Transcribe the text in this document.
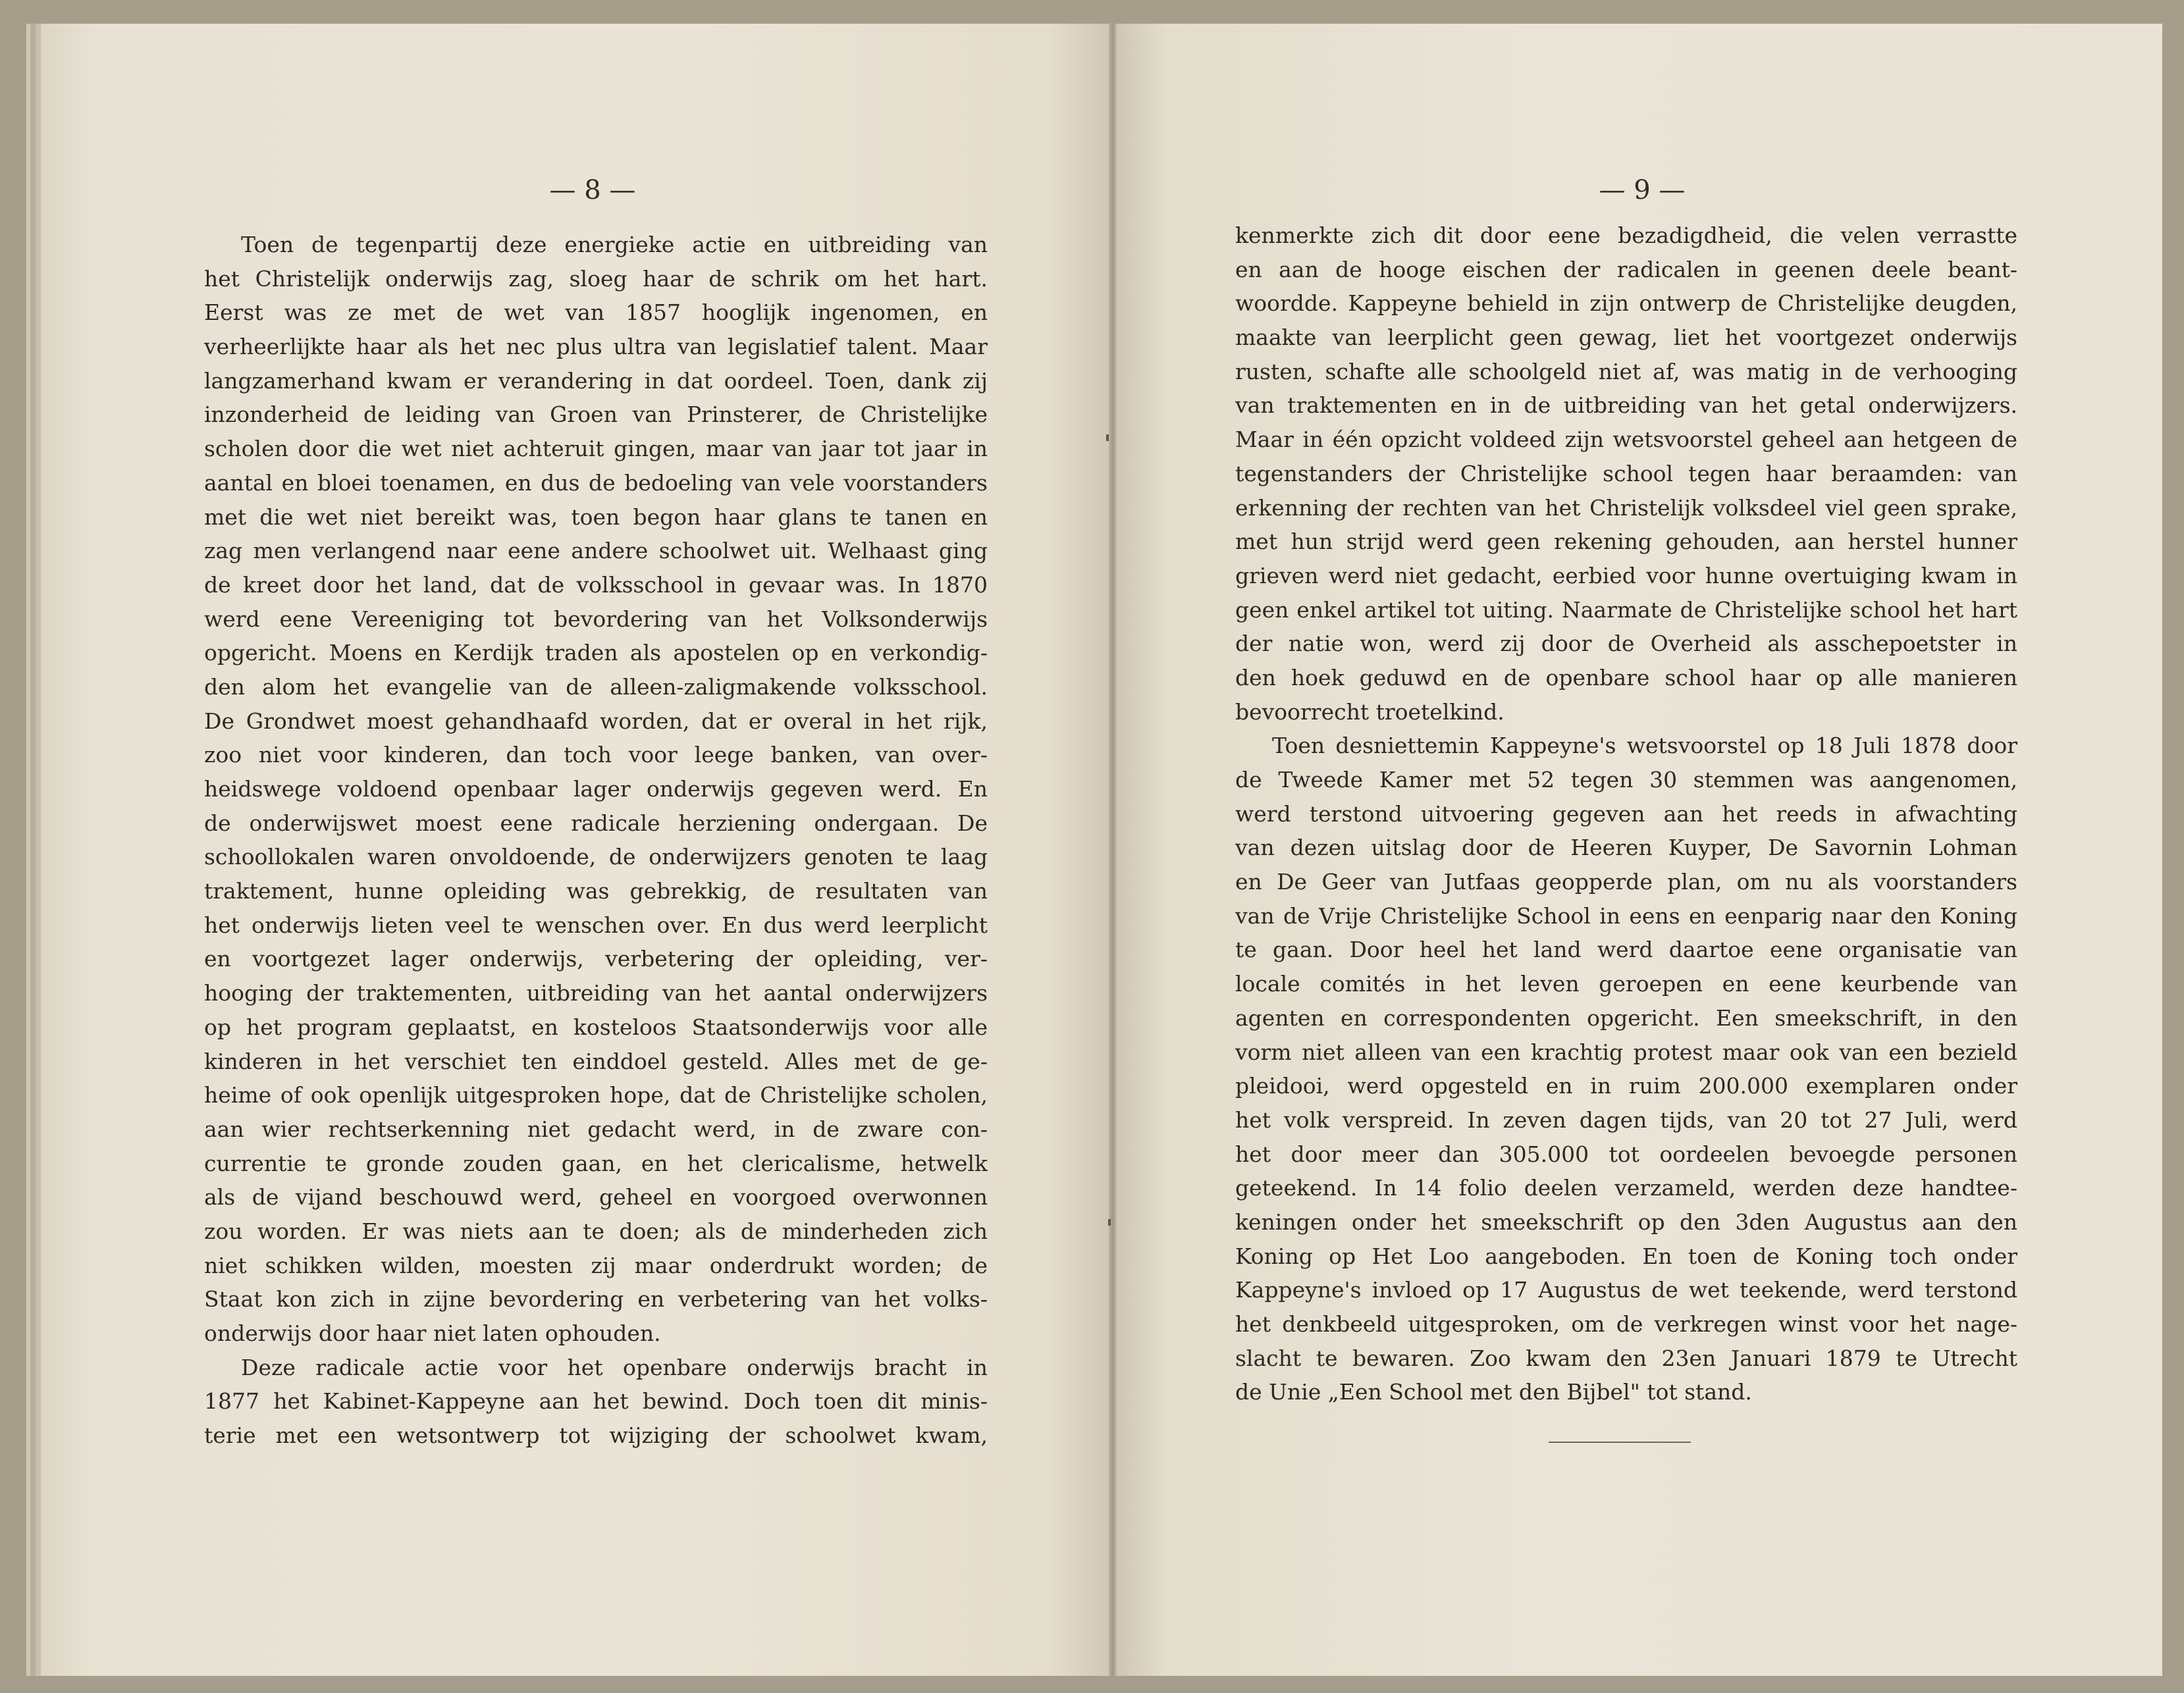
— 8 —	— 9 —
Toen de tegenpartij deze energieke actie en uitbreiding van
het Christelijk onderwijs zag, sloeg haar de schrik om het hart.
Eerst was ze met de wet van 1857 hooglijk ingenomen, en
verheerlijkte haar als het nec plus ultra van legislatief talent. Maar
langzamerhand kwam er verandering in dat oordeel. Toen, dank zij
inzonderheid de leiding van Groen van Prinsterer, de Christelijke
scholen door die wet niet achteruit gingen, maar van jaar tot jaar in
aantal en bloei toenamen, en dus de bedoeling van vele voorstanders
met die wet niet bereikt was, toen begon haar glans te tanen en
zag men verlangend naar eene andere schoolwet uit. Welhaast ging
de kreet door het land, dat de volksschool in gevaar was. In 1870
werd eene Vereeniging tot bevordering van het Volksonderwijs
opgericht. Moens en Kerdijk traden als apostelen op en verkondig-
den alom het evangelie van de alleen-zaligmakende volksschool.
De Grondwet moest gehandhaafd worden, dat er overal in het rijk,
zoo niet voor kinderen, dan toch voor leege banken, van over-
heidswege voldoend openbaar lager onderwijs gegeven werd. En
de onderwijswet moest eene radicale herziening ondergaan. De
schoollokalen waren onvoldoende, de onderwijzers genoten te laag
traktement, hunne opleiding was gebrekkig, de resultaten van
het onderwijs lieten veel te wenschen over. En dus werd leerplicht
en voortgezet lager onderwijs, verbetering der opleiding, ver-
hooging der traktementen, uitbreiding van het aantal onderwijzers
op het program geplaatst, en kosteloos Staatsonderwijs voor alle
kinderen in het verschiet ten einddoel gesteld. Alles met de ge-
heime of ook openlijk uitgesproken hope, dat de Christelijke scholen,
aan wier rechtserkenning niet gedacht werd, in de zware con-
currentie te gronde zouden gaan, en het clericalisme, hetwelk
als de vijand beschouwd werd, geheel en voorgoed overwonnen
zou worden. Er was niets aan te doen; als de minderheden zich
niet schikken wilden, moesten zij maar onderdrukt worden; de
Staat kon zich in zijne bevordering en verbetering van het volks-
onderwijs door haar niet laten ophouden.
Deze radicale actie voor het openbare onderwijs bracht in
1877 het Kabinet-Kappeyne aan het bewind. Doch toen dit minis-
terie met een wetsontwerp tot wijziging der schoolwet kwam,
kenmerkte zich dit door eene bezadigdheid, die velen verrastte
en aan de hooge eischen der radicalen in geenen deele beant-
woordde. Kappeyne behield in zijn ontwerp de Christelijke deugden,
maakte van leerplicht geen gewag, liet het voortgezet onderwijs
rusten, schafte alle schoolgeld niet af, was matig in de verhooging
van traktementen en in de uitbreiding van het getal onderwijzers.
Maar in één opzicht voldeed zijn wetsvoorstel geheel aan hetgeen de
tegenstanders der Christelijke school tegen haar beraamden: van
erkenning der rechten van het Christelijk volksdeel viel geen sprake,
met hun strijd werd geen rekening gehouden, aan herstel hunner
grieven werd niet gedacht, eerbied voor hunne overtuiging kwam in
geen enkel artikel tot uiting. Naarmate de Christelijke school het hart
der natie won, werd zij door de Overheid als asschepoetster in
den hoek geduwd en de openbare school haar op alle manieren
bevoorrecht troetelkind.
Toen desniettemin Kappeyne's wetsvoorstel op 18 Juli 1878 door
de Tweede Kamer met 52 tegen 30 stemmen was aangenomen,
werd terstond uitvoering gegeven aan het reeds in afwachting
van dezen uitslag door de Heeren Kuyper, De Savornin Lohman
en De Geer van Jutfaas geopperde plan, om nu als voorstanders
van de Vrije Christelijke School in eens en eenparig naar den Koning
te gaan. Door heel het land werd daartoe eene organisatie van
locale comités in het leven geroepen en eene keurbende van
agenten en correspondenten opgericht. Een smeekschrift, in den
vorm niet alleen van een krachtig protest maar ook van een bezield
pleidooi, werd opgesteld en in ruim 200.000 exemplaren onder
het volk verspreid. In zeven dagen tijds, van 20 tot 27 Juli, werd
het door meer dan 305.000 tot oordeelen bevoegde personen
geteekend. In 14 folio deelen verzameld, werden deze handtee-
keningen onder het smeekschrift op den 3den Augustus aan den
Koning op Het Loo aangeboden. En toen de Koning toch onder
Kappeyne's invloed op 17 Augustus de wet teekende, werd terstond
het denkbeeld uitgesproken, om de verkregen winst voor het nage-
slacht te bewaren. Zoo kwam den 23en Januari 1879 te Utrecht
de Unie „Een School met den Bijbel" tot stand.
